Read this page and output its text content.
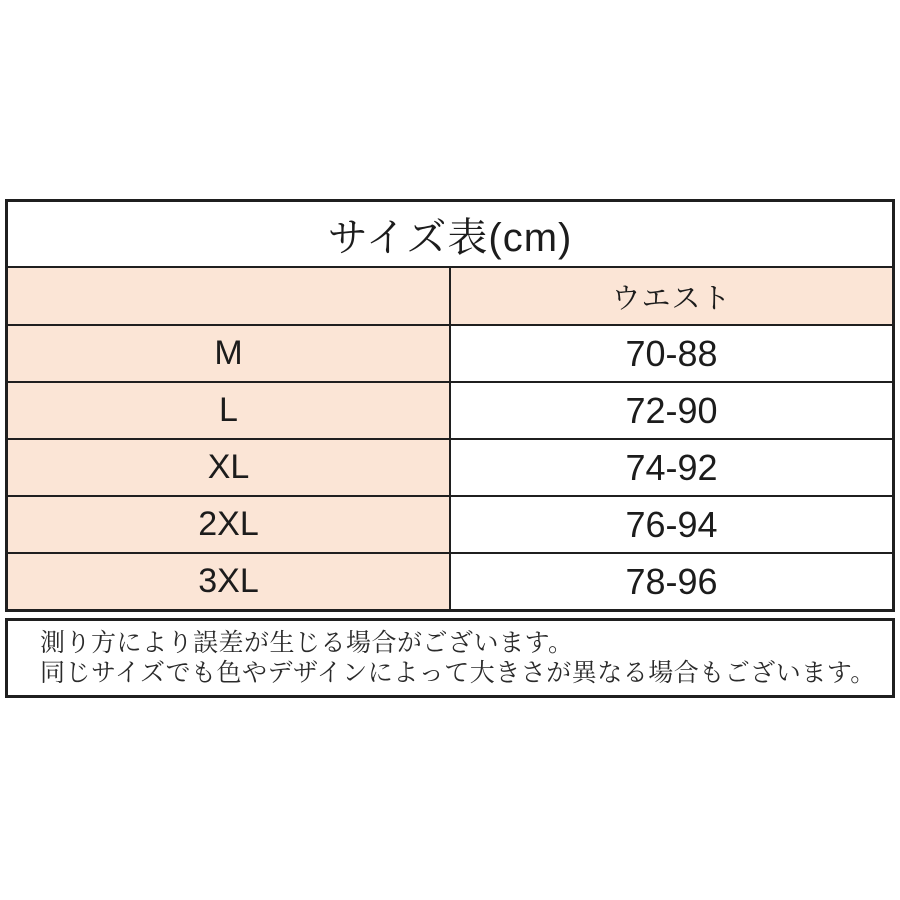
サイズ表(cm)
ウエスト
M	70-88
L	72-90
XL	74-92
2XL	76-94
3XL	78-96
測り方により誤差が生じる場合がございます。
同じサイズでも色やデザインによって大きさが異なる場合もございます。
